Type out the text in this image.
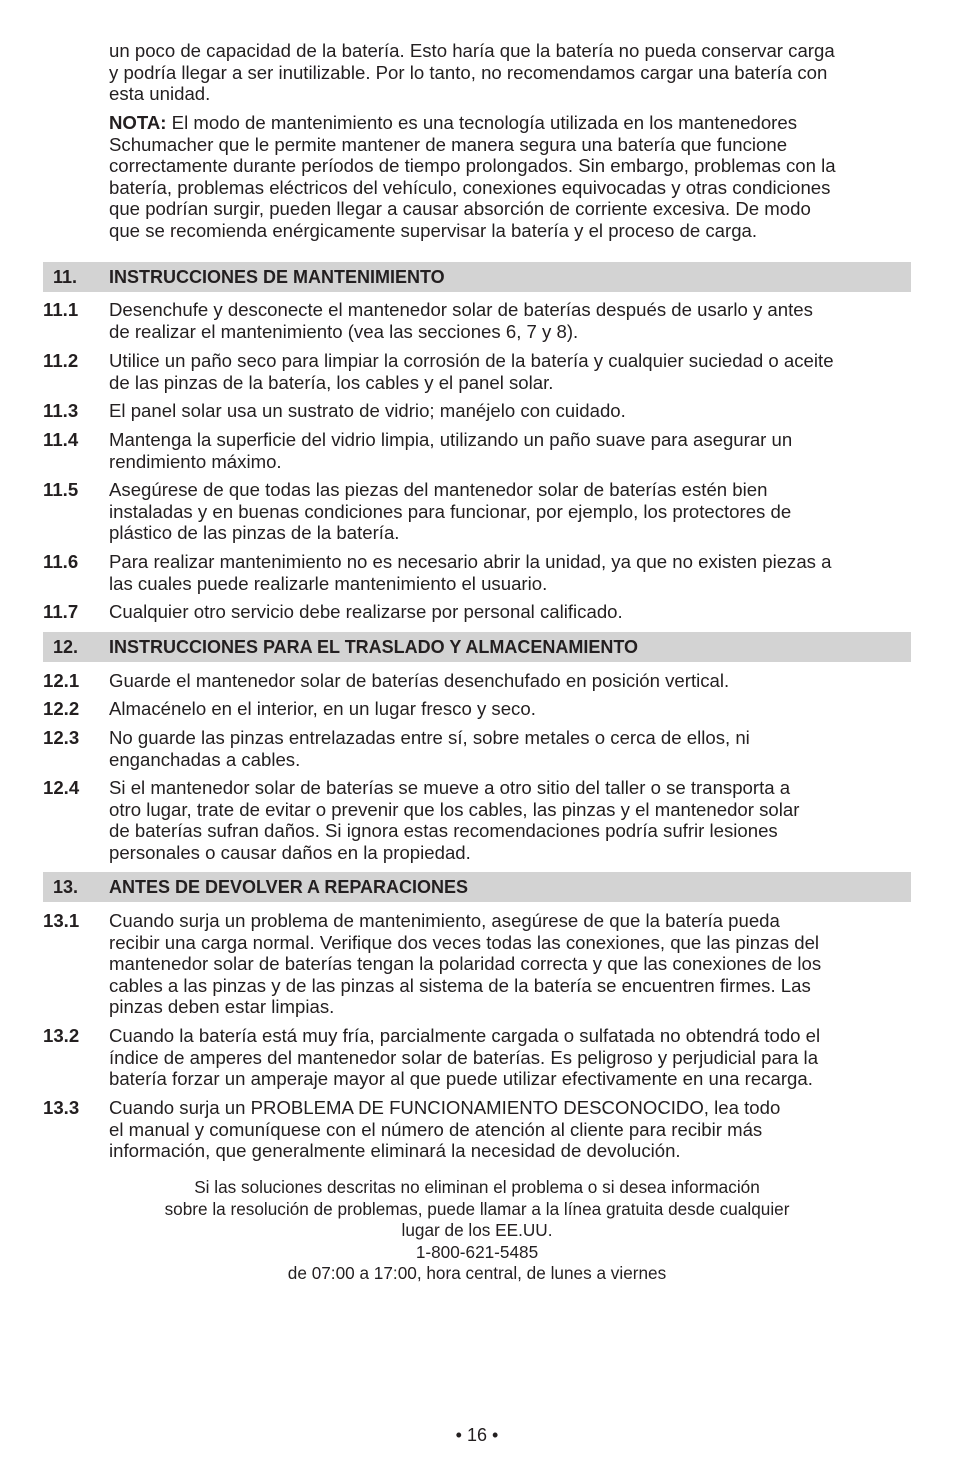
un poco de capacidad de la batería. Esto haría que la batería no pueda conservar carga
y podría llegar a ser inutilizable. Por lo tanto, no recomendamos cargar una batería con
esta unidad.

NOTA: El modo de mantenimiento es una tecnología utilizada en los mantenedores
Schumacher que le permite mantener de manera segura una batería que funcione
correctamente durante períodos de tiempo prolongados. Sin embargo, problemas con la
batería, problemas eléctricos del vehículo, conexiones equivocadas y otras condiciones
que podrían surgir, pueden llegar a causar absorción de corriente excesiva. De modo
que se recomienda enérgicamente supervisar la batería y el proceso de carga.

11. INSTRUCCIONES DE MANTENIMIENTO
11.1 Desenchufe y desconecte el mantenedor solar de baterías después de usarlo y antes
de realizar el mantenimiento (vea las secciones 6, 7 y 8).
11.2 Utilice un paño seco para limpiar la corrosión de la batería y cualquier suciedad o aceite
de las pinzas de la batería, los cables y el panel solar.
11.3 El panel solar usa un sustrato de vidrio; manéjelo con cuidado.
11.4 Mantenga la superficie del vidrio limpia, utilizando un paño suave para asegurar un
rendimiento máximo.
11.5 Asegúrese de que todas las piezas del mantenedor solar de baterías estén bien
instaladas y en buenas condiciones para funcionar, por ejemplo, los protectores de
plástico de las pinzas de la batería.
11.6 Para realizar mantenimiento no es necesario abrir la unidad, ya que no existen piezas a
las cuales puede realizarle mantenimiento el usuario.
11.7 Cualquier otro servicio debe realizarse por personal calificado.
12. INSTRUCCIONES PARA EL TRASLADO Y ALMACENAMIENTO
12.1 Guarde el mantenedor solar de baterías desenchufado en posición vertical.
12.2 Almacénelo en el interior, en un lugar fresco y seco.
12.3 No guarde las pinzas entrelazadas entre sí, sobre metales o cerca de ellos, ni
enganchadas a cables.
12.4 Si el mantenedor solar de baterías se mueve a otro sitio del taller o se transporta a
otro lugar, trate de evitar o prevenir que los cables, las pinzas y el mantenedor solar
de baterías sufran daños. Si ignora estas recomendaciones podría sufrir lesiones
personales o causar daños en la propiedad.
13. ANTES DE DEVOLVER A REPARACIONES
13.1 Cuando surja un problema de mantenimiento, asegúrese de que la batería pueda
recibir una carga normal. Verifique dos veces todas las conexiones, que las pinzas del
mantenedor solar de baterías tengan la polaridad correcta y que las conexiones de los
cables a las pinzas y de las pinzas al sistema de la batería se encuentren firmes. Las
pinzas deben estar limpias.
13.2 Cuando la batería está muy fría, parcialmente cargada o sulfatada no obtendrá todo el
índice de amperes del mantenedor solar de baterías. Es peligroso y perjudicial para la
batería forzar un amperaje mayor al que puede utilizar efectivamente en una recarga.
13.3 Cuando surja un PROBLEMA DE FUNCIONAMIENTO DESCONOCIDO, lea todo
el manual y comuníquese con el número de atención al cliente para recibir más
información, que generalmente eliminará la necesidad de devolución.
Si las soluciones descritas no eliminan el problema o si desea información
sobre la resolución de problemas, puede llamar a la línea gratuita desde cualquier
lugar de los EE.UU.
1-800-621-5485
de 07:00 a 17:00, hora central, de lunes a viernes
• 16 •
